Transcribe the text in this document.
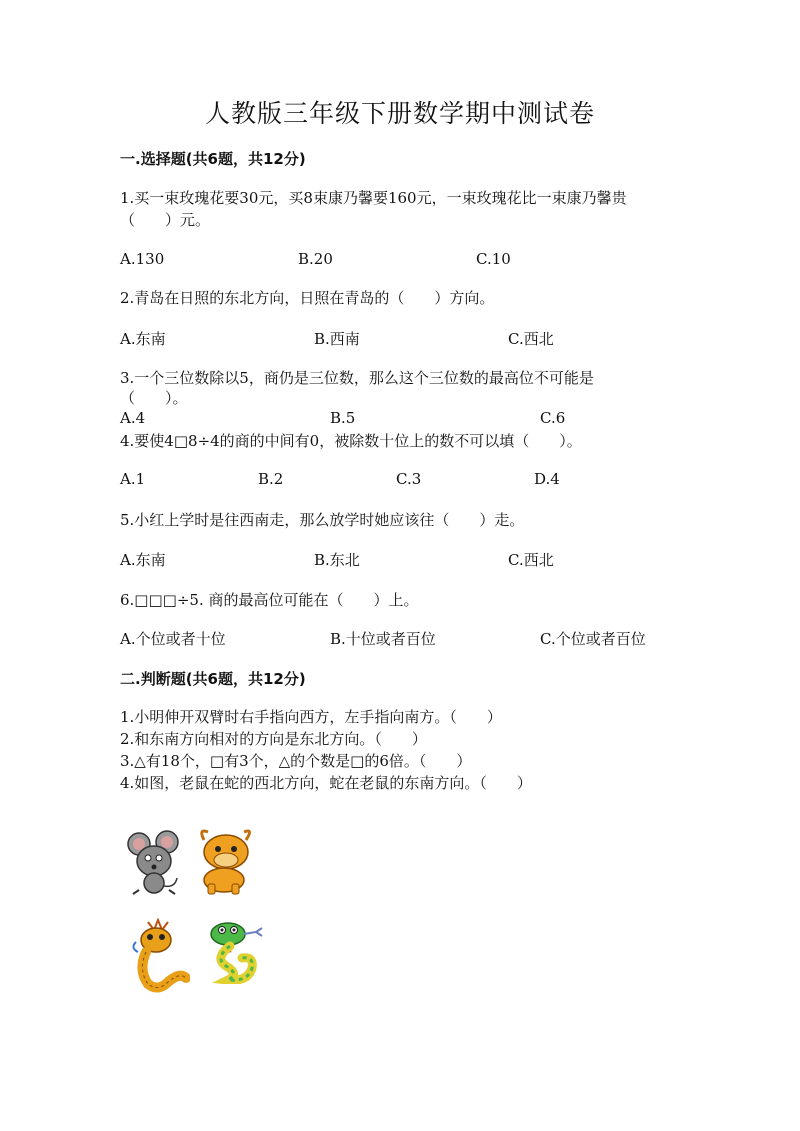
人教版三年级下册数学期中测试卷
一.选择题(共6题，共12分)
1.买一束玫瑰花要30元，买8束康乃馨要160元，一束玫瑰花比一束康乃馨贵
（　　）元。
A.130	B.20	C.10
2.青岛在日照的东北方向，日照在青岛的（　　）方向。
A.东南	B.西南	C.西北
3.一个三位数除以5，商仍是三位数，那么这个三位数的最高位不可能是
（　　）。
A.4	B.5	C.6
4.要使4□8÷4的商的中间有0，被除数十位上的数不可以填（　　）。
A.1	B.2	C.3	D.4
5.小红上学时是往西南走，那么放学时她应该往（　　）走。
A.东南	B.东北	C.西北
6.□□□÷5. 商的最高位可能在（　　）上。
A.个位或者十位	B.十位或者百位	C.个位或者百位
二.判断题(共6题，共12分)
1.小明伸开双臂时右手指向西方，左手指向南方。（　　）
2.和东南方向相对的方向是东北方向。（　　）
3.△有18个，□有3个，△的个数是□的6倍。（　　）
4.如图，老鼠在蛇的西北方向，蛇在老鼠的东南方向。（　　）
